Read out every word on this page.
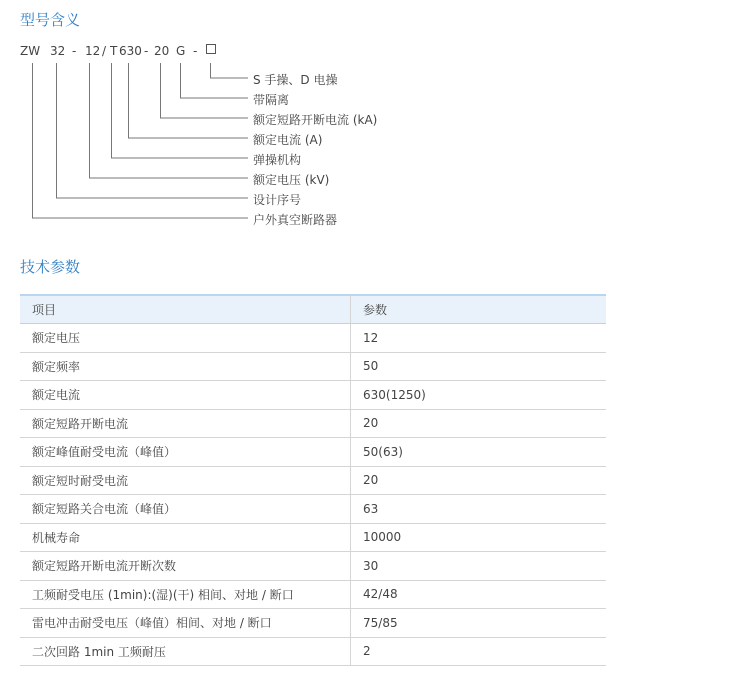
型号含义
ZW 32 - 12 / T 630 - 20 G -
S 手操、D 电操
带隔离
额定短路开断电流 (kA)
额定电流 (A)
弹操机构
额定电压 (kV)
设计序号
户外真空断路器
技术参数
项目	参数
额定电压	12
额定频率	50
额定电流	630(1250)
额定短路开断电流	20
额定峰值耐受电流（峰值）	50(63)
额定短时耐受电流	20
额定短路关合电流（峰值）	63
机械寿命	10000
额定短路开断电流开断次数	30
工频耐受电压 (1min):(湿)(干) 相间、对地 / 断口	42/48
雷电冲击耐受电压（峰值）相间、对地 / 断口	75/85
二次回路 1min 工频耐压	2
